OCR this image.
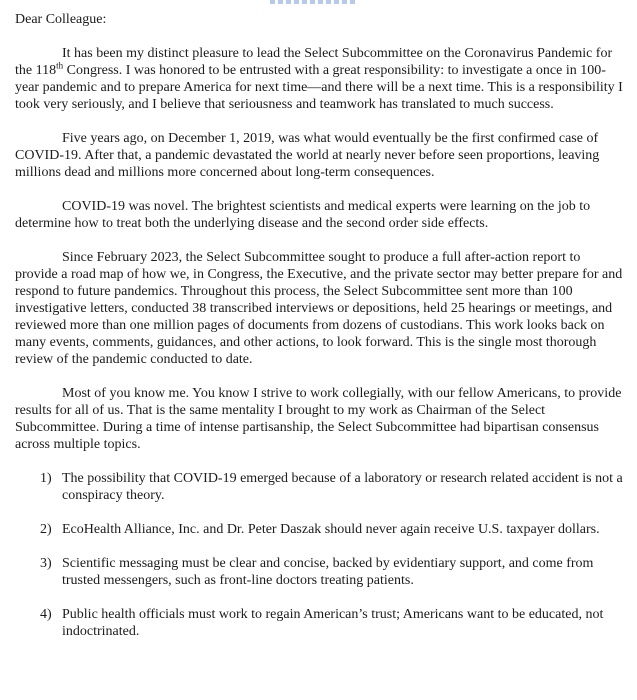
Dear Colleague:

It has been my distinct pleasure to lead the Select Subcommittee on the Coronavirus Pandemic for the 118th Congress. I was honored to be entrusted with a great responsibility: to investigate a once in 100-year pandemic and to prepare America for next time—and there will be a next time. This is a responsibility I took very seriously, and I believe that seriousness and teamwork has translated to much success.

Five years ago, on December 1, 2019, was what would eventually be the first confirmed case of COVID-19. After that, a pandemic devastated the world at nearly never before seen proportions, leaving millions dead and millions more concerned about long-term consequences.

COVID-19 was novel. The brightest scientists and medical experts were learning on the job to determine how to treat both the underlying disease and the second order side effects.

Since February 2023, the Select Subcommittee sought to produce a full after-action report to provide a road map of how we, in Congress, the Executive, and the private sector may better prepare for and respond to future pandemics. Throughout this process, the Select Subcommittee sent more than 100 investigative letters, conducted 38 transcribed interviews or depositions, held 25 hearings or meetings, and reviewed more than one million pages of documents from dozens of custodians. This work looks back on many events, comments, guidances, and other actions, to look forward. This is the single most thorough review of the pandemic conducted to date.

Most of you know me. You know I strive to work collegially, with our fellow Americans, to provide results for all of us. That is the same mentality I brought to my work as Chairman of the Select Subcommittee. During a time of intense partisanship, the Select Subcommittee had bipartisan consensus across multiple topics.

1) The possibility that COVID-19 emerged because of a laboratory or research related accident is not a conspiracy theory.
2) EcoHealth Alliance, Inc. and Dr. Peter Daszak should never again receive U.S. taxpayer dollars.
3) Scientific messaging must be clear and concise, backed by evidentiary support, and come from trusted messengers, such as front-line doctors treating patients.
4) Public health officials must work to regain American’s trust; Americans want to be educated, not indoctrinated.
